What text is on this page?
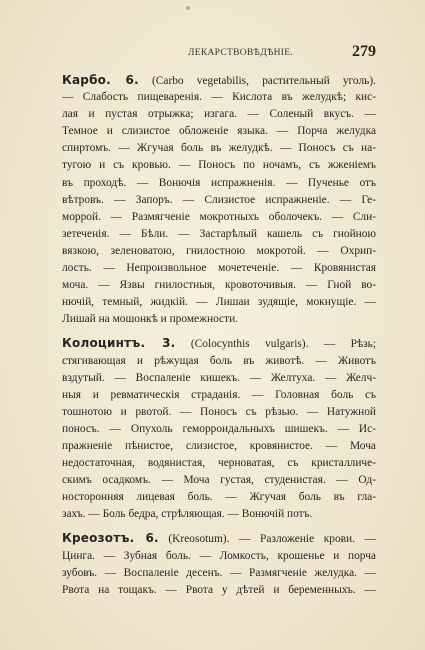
ЛЕКАРСТВОВѢДѢНІЕ.	279
Карбо. 6. (Carbo vegetabilis, растительный уголь).
— Слабость пищеваренія. — Кислота въ желудкѣ; кис-
лая и пустая отрыжка; изгага. — Соленый вкусъ. —
Темное и слизистое обложеніе языка. — Порча желудка
спиртомъ. — Жгучая боль въ желудкѣ. — Поносъ съ на-
тугою и съ кровью. — Поносъ по ночамъ, съ жженіемъ
въ проходѣ. — Вонючія испражненія. — Пученье отъ
вѣтровъ. — Запоръ. — Слизистое испражненіе. — Ге-
моррой. — Размягченіе мокротныхъ оболочекъ. — Сли-
зетеченія. — Бѣли. — Застарѣлый кашель съ гнойною
вязкою, зеленоватою, гнилостною мокротой. — Охрип-
лость. — Непроизвольное мочетеченіе. — Кровянистая
моча. — Язвы гнилостныя, кровоточивыя. — Гной во-
нючій, темный, жидкій. — Лишаи зудящіе, мокнущіе. —
Лишай на мошонкѣ и промежности.
Колоцинтъ. 3. (Colocynthis vulgaris). — Рѣзь;
стягивающая и рѣжущая боль въ животѣ. — Животъ
вздутый. — Воспаленіе кишекъ. — Желтуха. — Желч-
ныя и ревматическія страданія. — Головная боль съ
тошнотою и рвотой. — Поносъ съ рѣзью. — Натужной
поносъ. — Опухоль геморроидальныхъ шишекъ. — Ис-
пражненіе пѣнистое, слизистое, кровянистое. — Моча
недостаточная, водянистая, черноватая, съ кристалличе-
скимъ осадкомъ. — Моча густая, студенистая. — Од-
носторонняя лицевая боль. — Жгучая боль въ гла-
захъ. — Боль бедра, стрѣляющая. — Вонючій потъ.
Креозотъ. 6. (Kreosotum). — Разложеніе крови. —
Цинга. — Зубная боль. — Ломкость, крошенье и порча
зубовъ. — Воспаленіе десенъ. — Размягченіе желудка. —
Рвота на тощакъ. — Рвота у дѣтей и беременныхъ. —
